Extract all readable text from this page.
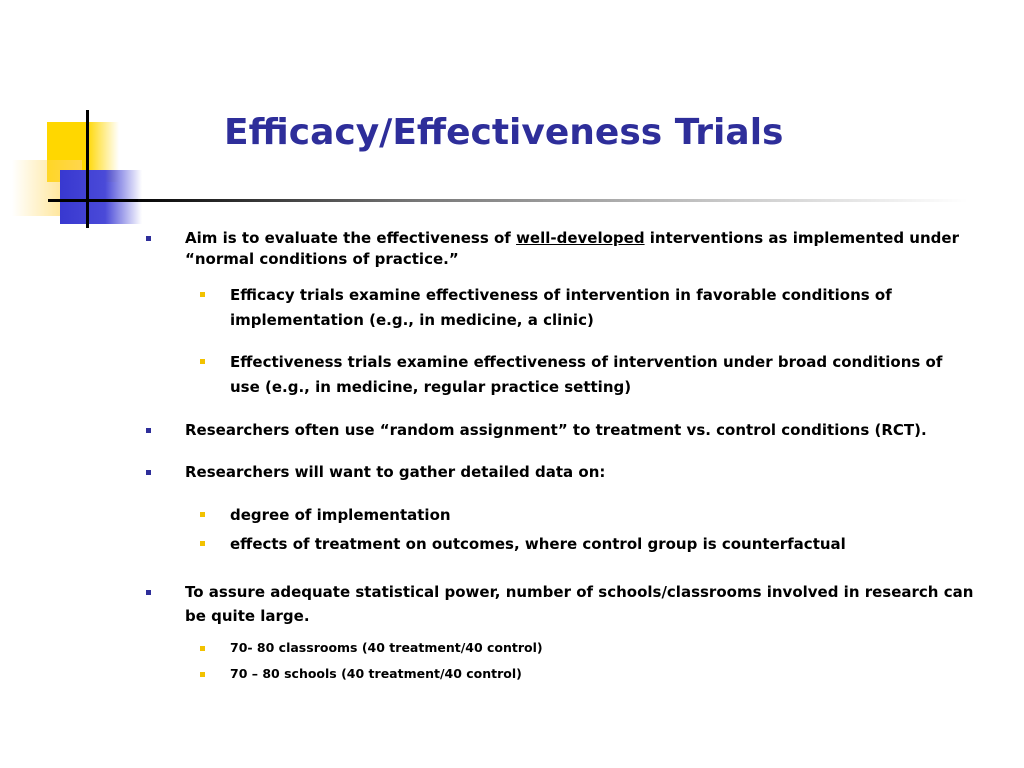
Efficacy/Effectiveness Trials
Aim is to evaluate the effectiveness of well-developed interventions as implemented under “normal conditions of practice.”
Efficacy trials examine effectiveness of intervention in favorable conditions of implementation (e.g., in medicine, a clinic)
Effectiveness trials examine effectiveness of intervention under broad conditions of use (e.g., in medicine, regular practice setting)
Researchers often use “random assignment” to treatment vs. control conditions (RCT).
Researchers will want to gather detailed data on:
degree of implementation
effects of treatment on outcomes, where control group is counterfactual
To assure adequate statistical power, number of schools/classrooms involved in research can be quite large.
70- 80 classrooms (40 treatment/40 control)
70 – 80 schools (40 treatment/40 control)
